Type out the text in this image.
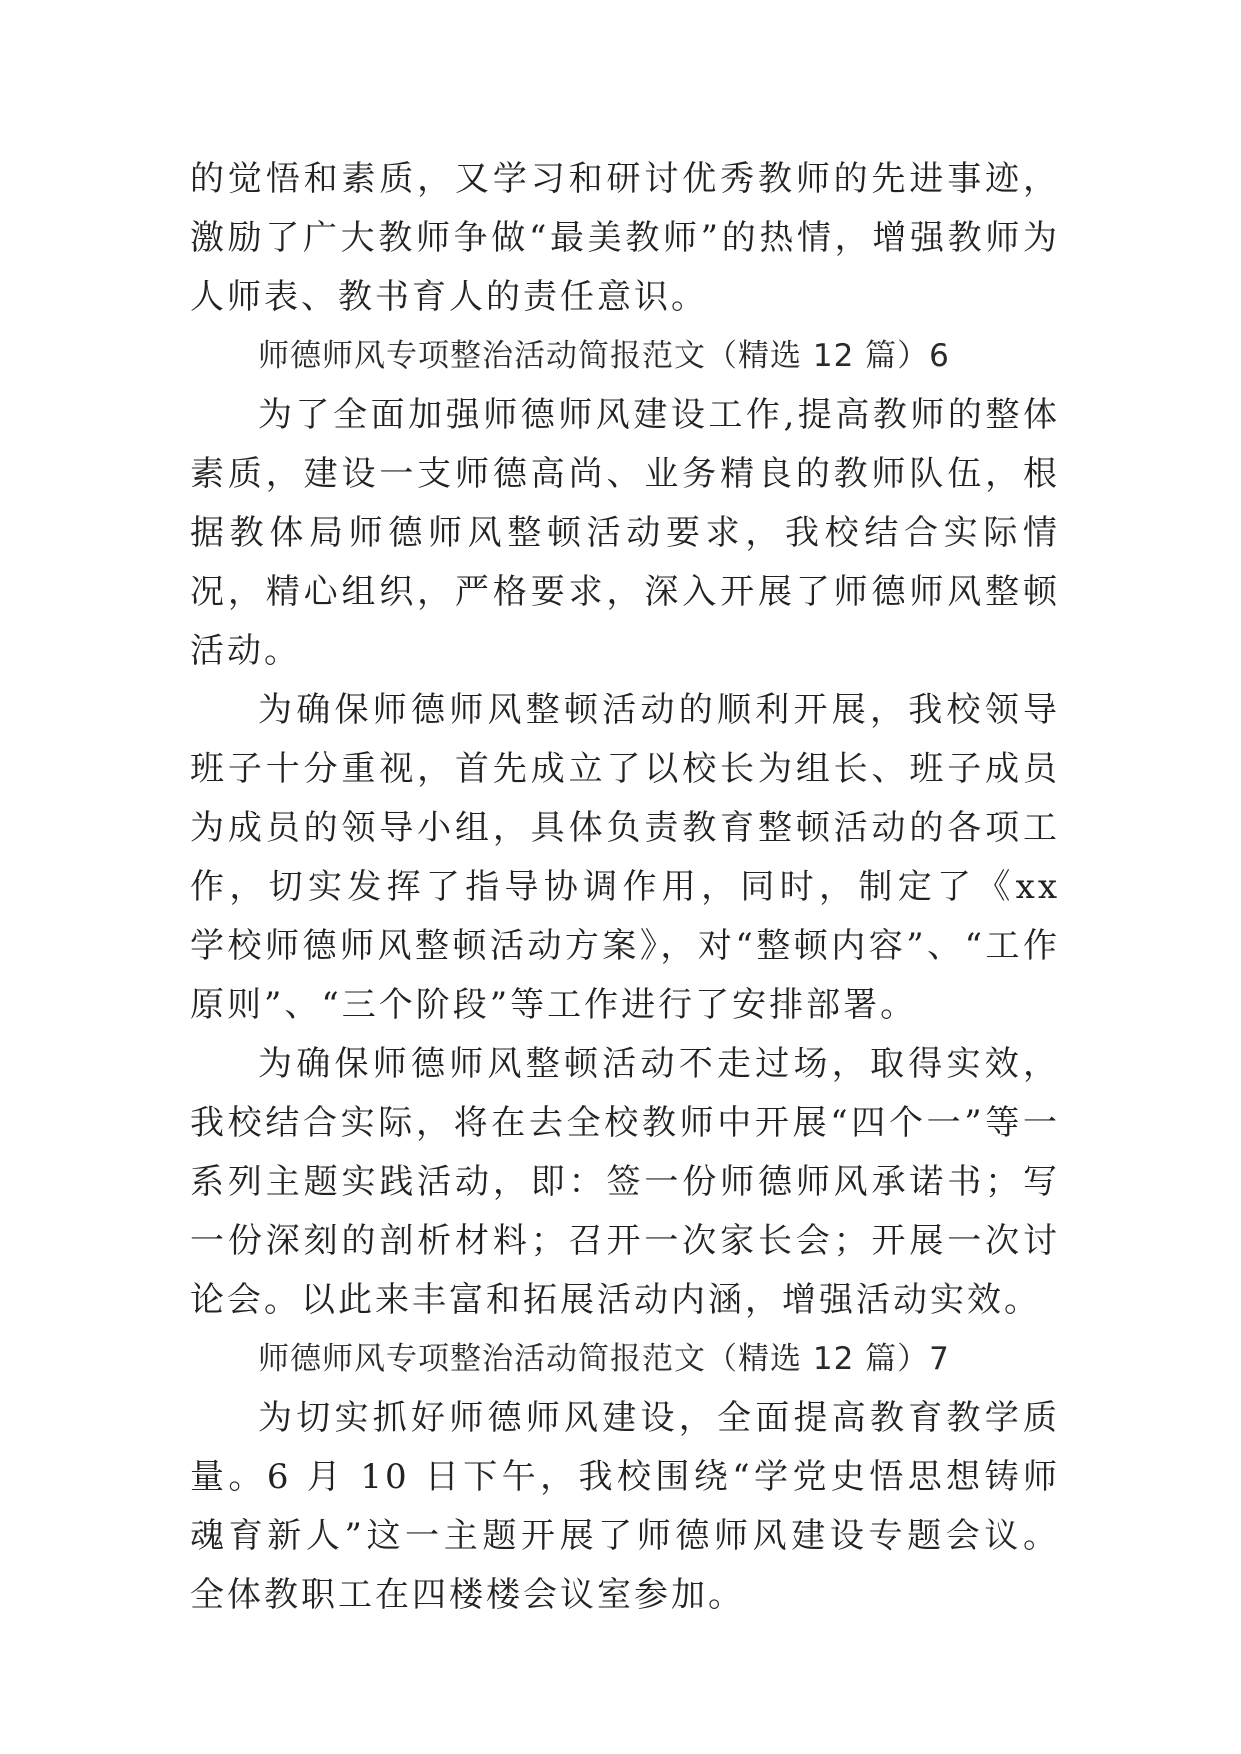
的觉悟和素质，又学习和研讨优秀教师的先进事迹，激励了广大教师争做“最美教师”的热情，增强教师为人师表、教书育人的责任意识。

师德师风专项整治活动简报范文（精选 12 篇）6

为了全面加强师德师风建设工作,提高教师的整体素质，建设一支师德高尚、业务精良的教师队伍，根据教体局师德师风整顿活动要求，我校结合实际情况，精心组织，严格要求，深入开展了师德师风整顿活动。

为确保师德师风整顿活动的顺利开展，我校领导班子十分重视，首先成立了以校长为组长、班子成员为成员的领导小组，具体负责教育整顿活动的各项工作，切实发挥了指导协调作用，同时，制定了《xx 学校师德师风整顿活动方案》，对“整顿内容”、“工作原则”、“三个阶段”等工作进行了安排部署。

为确保师德师风整顿活动不走过场，取得实效，我校结合实际，将在去全校教师中开展“四个一”等一系列主题实践活动，即：签一份师德师风承诺书；写一份深刻的剖析材料；召开一次家长会；开展一次讨论会。以此来丰富和拓展活动内涵，增强活动实效。

师德师风专项整治活动简报范文（精选 12 篇）7

为切实抓好师德师风建设，全面提高教育教学质量。6 月 10 日下午，我校围绕“学党史悟思想铸师魂育新人”这一主题开展了师德师风建设专题会议。全体教职工在四楼楼会议室参加。
